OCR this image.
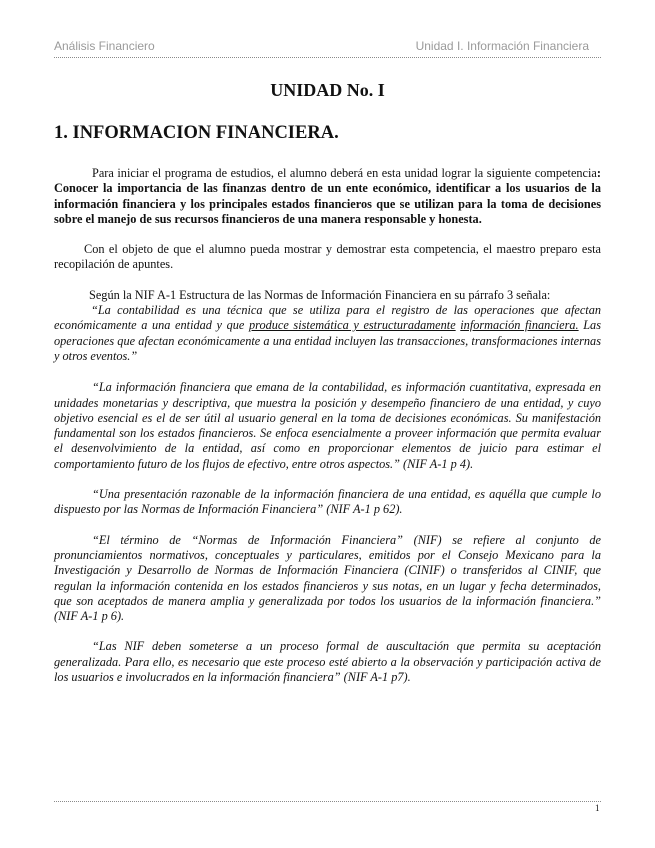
Análisis Financiero	Unidad I. Información Financiera
UNIDAD No. I
1. INFORMACION FINANCIERA.

Para iniciar el programa de estudios, el alumno deberá en esta unidad lograr la siguiente competencia: Conocer la importancia de las finanzas dentro de un ente económico, identificar a los usuarios de la información financiera y los principales estados financieros que se utilizan para la toma de decisiones sobre el manejo de sus recursos financieros de una manera responsable y honesta.

Con el objeto de que el alumno pueda mostrar y demostrar esta competencia, el maestro preparo esta recopilación de apuntes.

Según la NIF A-1 Estructura de las Normas de Información Financiera en su párrafo 3 señala:

“La contabilidad es una técnica que se utiliza para el registro de las operaciones que afectan económicamente a una entidad y que produce sistemática y estructuradamente información financiera. Las operaciones que afectan económicamente a una entidad incluyen las transacciones, transformaciones internas y otros eventos.”

“La información financiera que emana de la contabilidad, es información cuantitativa, expresada en unidades monetarias y descriptiva, que muestra la posición y desempeño financiero de una entidad, y cuyo objetivo esencial es el de ser útil al usuario general en la toma de decisiones económicas. Su manifestación fundamental son los estados financieros. Se enfoca esencialmente a proveer información que permita evaluar el desenvolvimiento de la entidad, así como en proporcionar elementos de juicio para estimar el comportamiento futuro de los flujos de efectivo, entre otros aspectos.” (NIF A-1 p 4).

“Una presentación razonable de la información financiera de una entidad, es aquélla que cumple lo dispuesto por las Normas de Información Financiera” (NIF A-1 p 62).

“El término de “Normas de Información Financiera” (NIF) se refiere al conjunto de pronunciamientos normativos, conceptuales y particulares, emitidos por el Consejo Mexicano para la Investigación y Desarrollo de Normas de Información Financiera (CINIF) o transferidos al CINIF, que regulan la información contenida en los estados financieros y sus notas, en un lugar y fecha determinados, que son aceptados de manera amplia y generalizada por todos los usuarios de la información financiera.” (NIF A-1 p 6).

“Las NIF deben someterse a un proceso formal de auscultación que permita su aceptación generalizada. Para ello, es necesario que este proceso esté abierto a la observación y participación activa de los usuarios e involucrados en la información financiera” (NIF A-1 p7).

1
